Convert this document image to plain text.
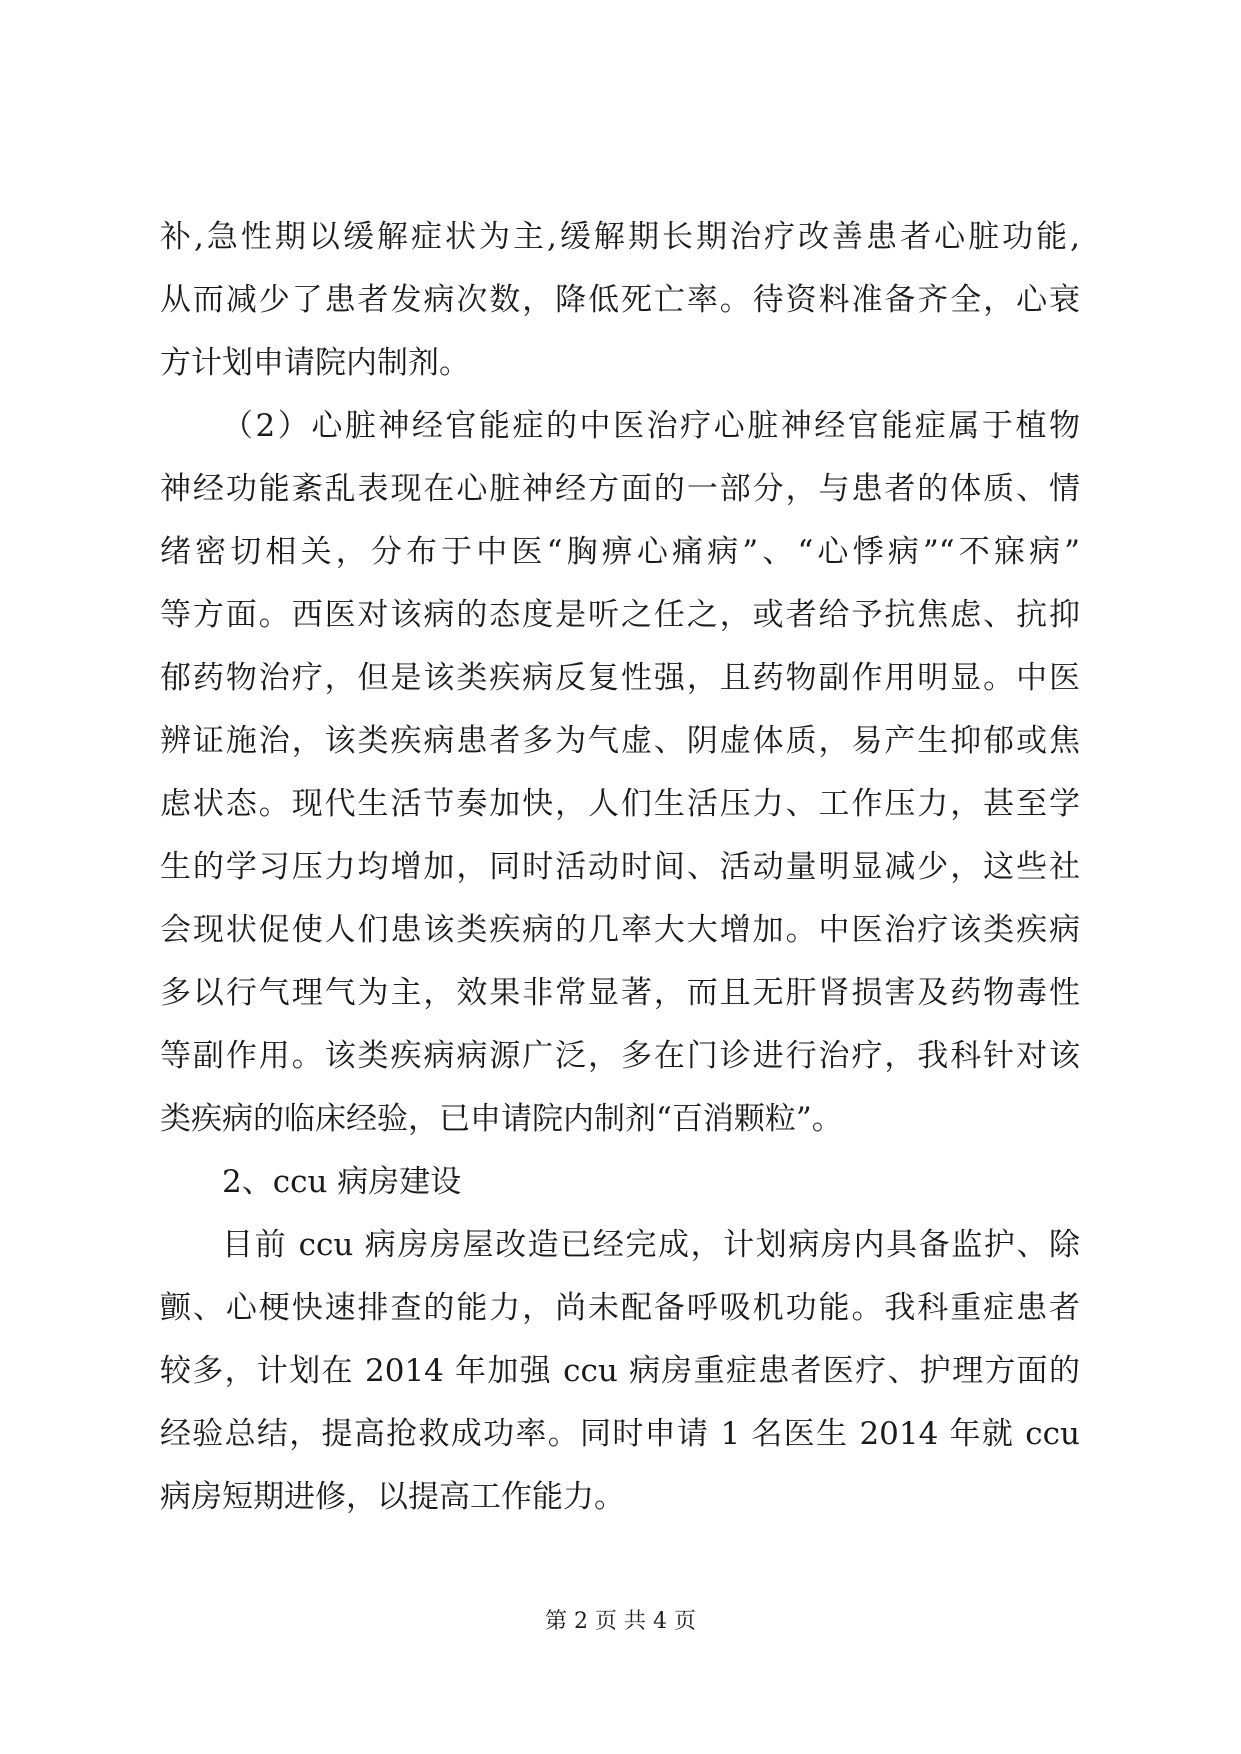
补,急性期以缓解症状为主,缓解期长期治疗改善患者心脏功能,
从而减少了患者发病次数，降低死亡率。待资料准备齐全，心衰
方计划申请院内制剂。
（2）心脏神经官能症的中医治疗心脏神经官能症属于植物
神经功能紊乱表现在心脏神经方面的一部分，与患者的体质、情
绪密切相关，分布于中医“胸痹心痛病”、“心悸病”“不寐病”
等方面。西医对该病的态度是听之任之，或者给予抗焦虑、抗抑
郁药物治疗，但是该类疾病反复性强，且药物副作用明显。中医
辨证施治，该类疾病患者多为气虚、阴虚体质，易产生抑郁或焦
虑状态。现代生活节奏加快，人们生活压力、工作压力，甚至学
生的学习压力均增加，同时活动时间、活动量明显减少，这些社
会现状促使人们患该类疾病的几率大大增加。中医治疗该类疾病
多以行气理气为主，效果非常显著，而且无肝肾损害及药物毒性
等副作用。该类疾病病源广泛，多在门诊进行治疗，我科针对该
类疾病的临床经验，已申请院内制剂“百消颗粒”。
2、ccu 病房建设
目前 ccu 病房房屋改造已经完成，计划病房内具备监护、除
颤、心梗快速排查的能力，尚未配备呼吸机功能。我科重症患者
较多，计划在 2014 年加强 ccu 病房重症患者医疗、护理方面的
经验总结，提高抢救成功率。同时申请 1 名医生 2014 年就 ccu
病房短期进修，以提高工作能力。
第 2 页 共 4 页
